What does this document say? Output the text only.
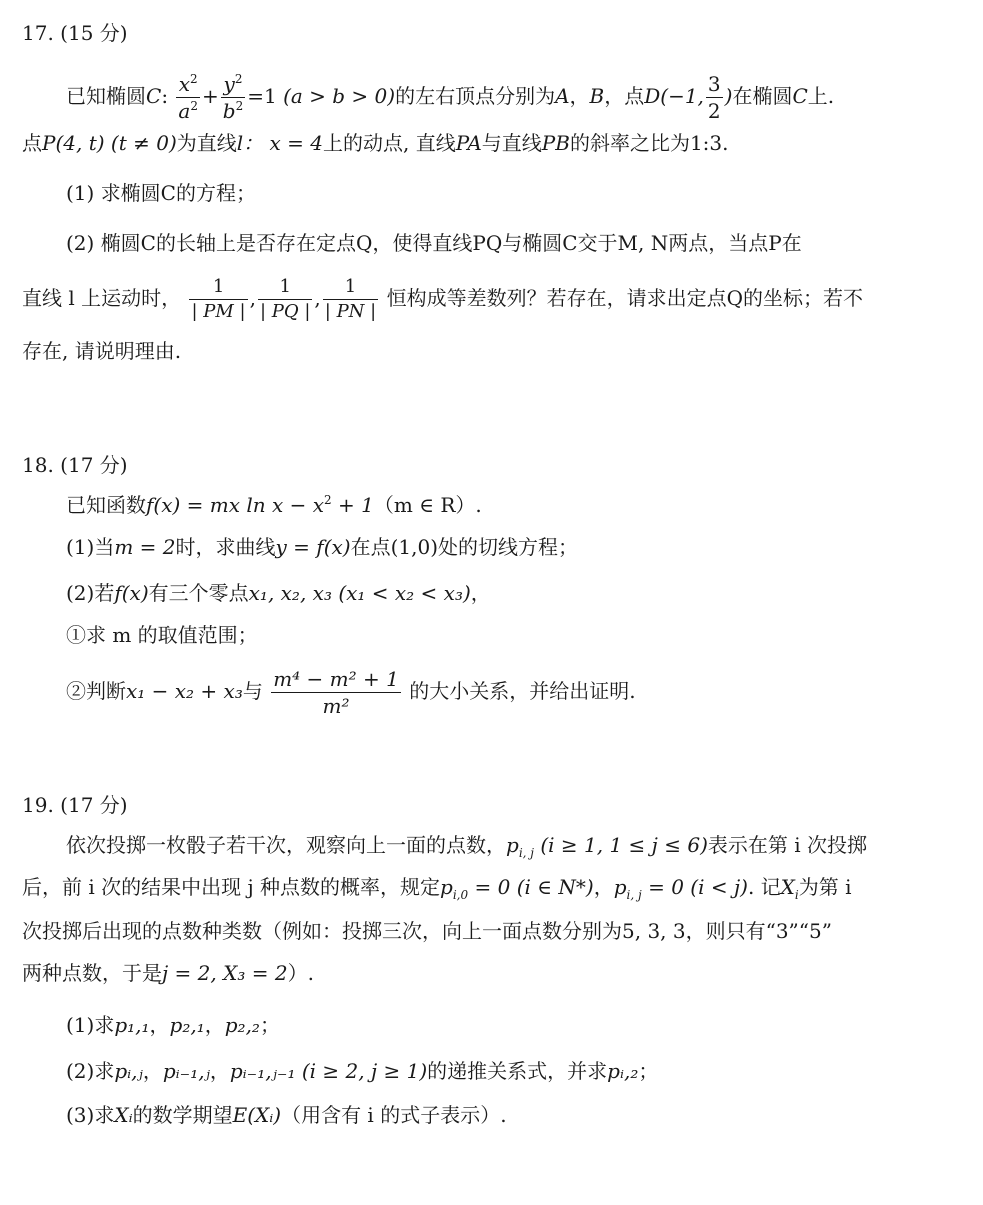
17. (15 分)
已知椭圆C: $\frac{x^2}{a^2} + \frac{y^2}{b^2} =1$ (a > b > 0)的左右顶点分别为A，B，点D(−1, $\frac{3}{2}$ )在椭圆C上.
点P(4, t) (t ≠ 0)为直线l： x = 4上的动点, 直线PA与直线PB的斜率之比为1:3.
(1) 求椭圆C的方程；
(2) 椭圆C的长轴上是否存在定点Q，使得直线PQ与椭圆C交于M, N两点，当点P在
直线 l 上运动时， $\frac{1}{| PM |}$ , $\frac{1}{| PQ |}$ , $\frac{1}{| PN |}$ 恒构成等差数列？若存在，请求出定点Q的坐标；若不
存在, 请说明理由.
18. (17 分)
已知函数f(x) = mx $\ln x - x^2 + 1(m$ ∈ R）.
(1)当m = 2时，求曲线y = f(x)在点(1,0)处的切线方程；
(2)若f(x)有三个零点x₁, x₂, x₃ (x₁ < x₂ < x₃)，
①求 m 的取值范围；
②判断x₁ − x₂ + x₃与 $\frac{\text{m⁴ − m² + 1}}{\text{m²}}$ 的大小关系，并给出证明.
19. (17 分)
依次投掷一枚骰子若干次，观察向上一面的点数，$p_{i, j}$ (i ≥ 1, 1 ≤ j ≤ 6)表示在第 i 次投掷
后，前 i 次的结果中出现 j 种点数的概率，规定$p_{i,0} = 0$ (i ∈ N*)，$p_{i, j} = 0$ (i < j). 记$X_i$为第 i
次投掷后出现的点数种类数（例如：投掷三次，向上一面点数分别为5, 3, 3，则只有“3”“5”
两种点数，于是j = 2, X₃ = 2）.
(1)求p₁,₁，p₂,₁，p₂,₂；
(2)求pᵢ,ⱼ，pᵢ₋₁,ⱼ，pᵢ₋₁,ⱼ₋₁ (i ≥ 2, j ≥ 1)的递推关系式，并求pᵢ,₂；
(3)求Xᵢ的数学期望E(Xᵢ)（用含有 i 的式子表示）.
